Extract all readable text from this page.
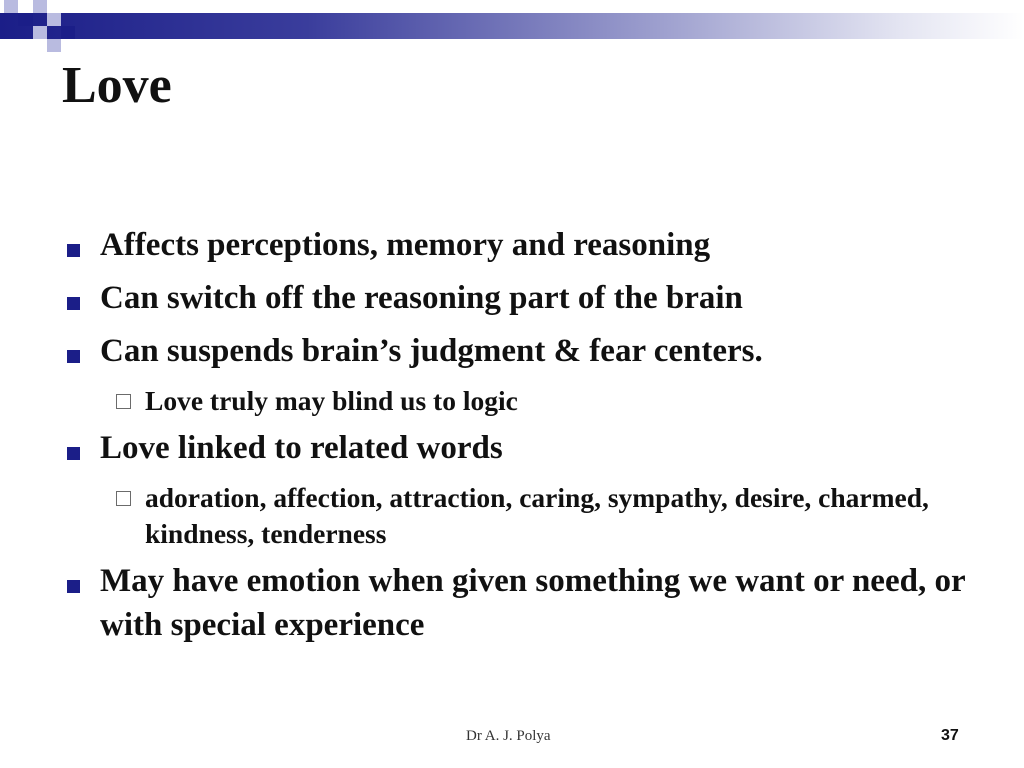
Love
Affects perceptions, memory and reasoning
Can switch off the reasoning part of the brain
Can suspends brain’s judgment & fear centers.
Love truly may blind us to logic
Love linked to related words
adoration, affection, attraction, caring, sympathy, desire, charmed, kindness, tenderness
May have emotion when given something we want or need, or with special experience
Dr A. J. Polya	37
